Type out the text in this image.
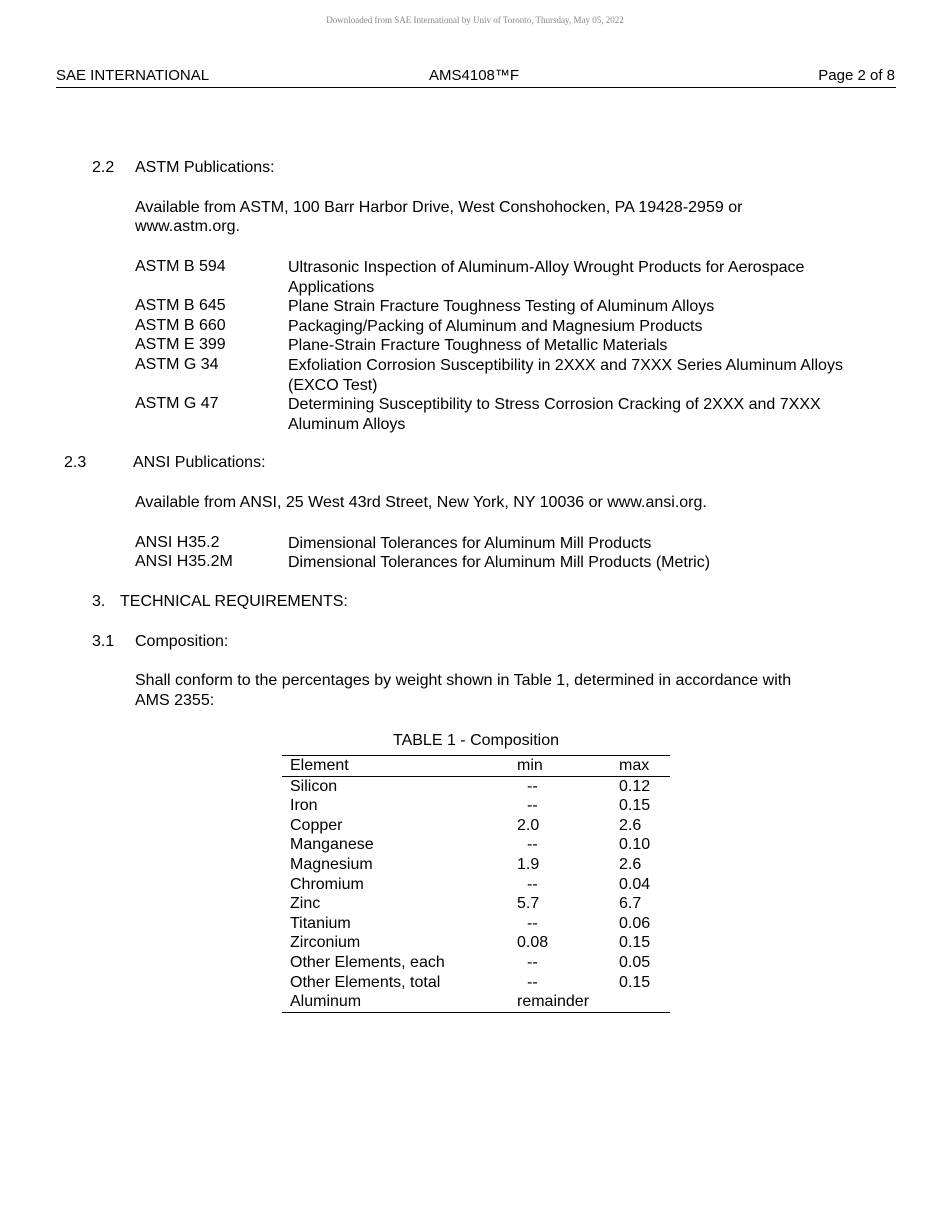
Downloaded from SAE International by Univ of Toronto, Thursday, May 05, 2022
SAE INTERNATIONAL	AMS4108™F	Page 2 of 8
2.2 ASTM Publications:
Available from ASTM, 100 Barr Harbor Drive, West Conshohocken, PA 19428-2959 or
www.astm.org.
ASTM B 594	Ultrasonic Inspection of Aluminum-Alloy Wrought Products for Aerospace Applications
ASTM B 645	Plane Strain Fracture Toughness Testing of Aluminum Alloys
ASTM B 660	Packaging/Packing of Aluminum and Magnesium Products
ASTM E 399	Plane-Strain Fracture Toughness of Metallic Materials
ASTM G 34	Exfoliation Corrosion Susceptibility in 2XXX and 7XXX Series Aluminum Alloys (EXCO Test)
ASTM G 47	Determining Susceptibility to Stress Corrosion Cracking of 2XXX and 7XXX Aluminum Alloys
2.3	ANSI Publications:
Available from ANSI, 25 West 43rd Street, New York, NY 10036 or www.ansi.org.
ANSI H35.2	Dimensional Tolerances for Aluminum Mill Products
ANSI H35.2M	Dimensional Tolerances for Aluminum Mill Products (Metric)
3. TECHNICAL REQUIREMENTS:
3.1 Composition:
Shall conform to the percentages by weight shown in Table 1, determined in accordance with
AMS 2355:
TABLE 1 - Composition
Element	min	max
Silicon	--	0.12
Iron	--	0.15
Copper	2.0	2.6
Manganese	--	0.10
Magnesium	1.9	2.6
Chromium	--	0.04
Zinc	5.7	6.7
Titanium	--	0.06
Zirconium	0.08	0.15
Other Elements, each	--	0.05
Other Elements, total	--	0.15
Aluminum	remainder
